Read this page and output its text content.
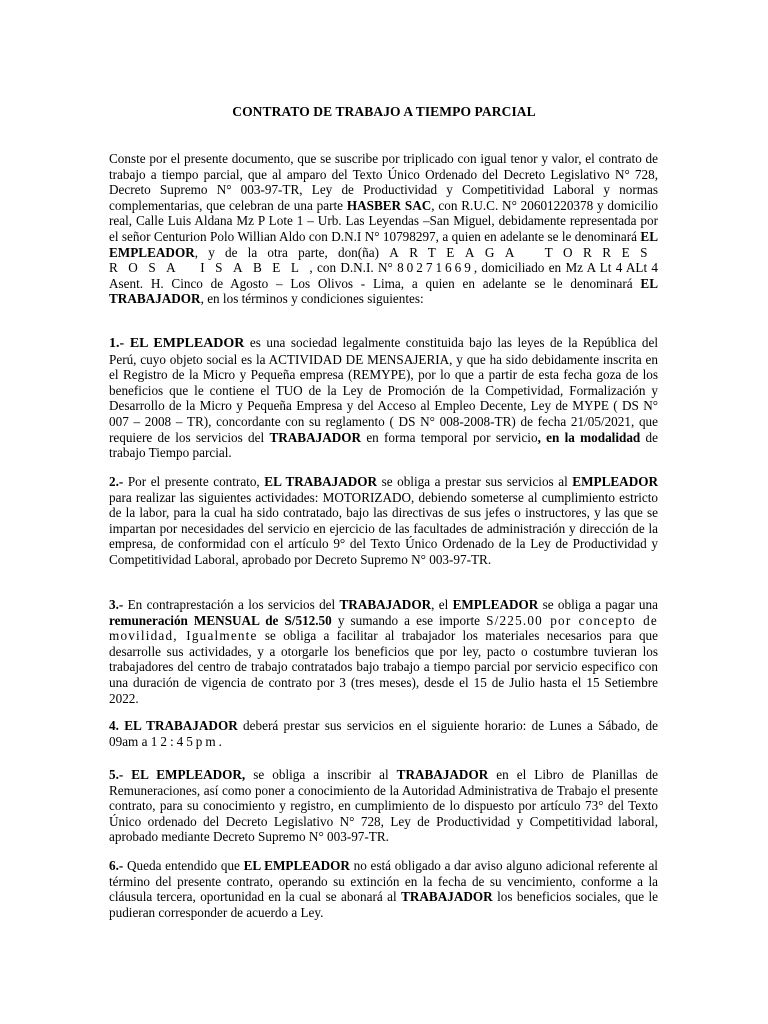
CONTRATO DE TRABAJO A TIEMPO PARCIAL

Conste por el presente documento, que se suscribe por triplicado con igual tenor y valor, el contrato de trabajo a tiempo parcial, que al amparo del Texto Único Ordenado del Decreto Legislativo N° 728, Decreto Supremo N° 003-97-TR, Ley de Productividad y Competitividad Laboral y normas complementarias, que celebran de una parte HASBER SAC, con R.U.C. N° 20601220378 y domicilio real, Calle Luis Aldana Mz P Lote 1 – Urb. Las Leyendas –San Miguel, debidamente representada por el señor Centurion Polo Willian Aldo con D.N.I N° 10798297, a quien en adelante se le denominará EL EMPLEADOR, y de la otra parte, don(ña) ARTEAGA TORRES ROSA ISABEL, con D.N.I. N° 80271669, domiciliado en Mz A Lt 4 ALt 4 Asent. H. Cinco de Agosto – Los Olivos - Lima, a quien en adelante se le denominará EL TRABAJADOR, en los términos y condiciones siguientes:

1.- EL EMPLEADOR es una sociedad legalmente constituida bajo las leyes de la República del Perú, cuyo objeto social es la ACTIVIDAD DE MENSAJERIA, y que ha sido debidamente inscrita en el Registro de la Micro y Pequeña empresa (REMYPE), por lo que a partir de esta fecha goza de los beneficios que le contiene el TUO de la Ley de Promoción de la Competividad, Formalización y Desarrollo de la Micro y Pequeña Empresa y del Acceso al Empleo Decente, Ley de MYPE ( DS N° 007 – 2008 – TR), concordante con su reglamento ( DS N° 008-2008-TR) de fecha 21/05/2021, que requiere de los servicios del TRABAJADOR en forma temporal por servicio, en la modalidad de trabajo Tiempo parcial.

2.- Por el presente contrato, EL TRABAJADOR se obliga a prestar sus servicios al EMPLEADOR para realizar las siguientes actividades: MOTORIZADO, debiendo someterse al cumplimiento estricto de la labor, para la cual ha sido contratado, bajo las directivas de sus jefes o instructores, y las que se impartan por necesidades del servicio en ejercicio de las facultades de administración y dirección de la empresa, de conformidad con el artículo 9° del Texto Único Ordenado de la Ley de Productividad y Competitividad Laboral, aprobado por Decreto Supremo N° 003-97-TR.

3.- En contraprestación a los servicios del TRABAJADOR, el EMPLEADOR se obliga a pagar una remuneración MENSUAL de S/512.50 y sumando a ese importe S/225.00 por concepto de movilidad, Igualmente se obliga a facilitar al trabajador los materiales necesarios para que desarrolle sus actividades, y a otorgarle los beneficios que por ley, pacto o costumbre tuvieran los trabajadores del centro de trabajo contratados bajo trabajo a tiempo parcial por servicio especifico con una duración de vigencia de contrato por 3 (tres meses), desde el 15 de Julio hasta el 15 Setiembre 2022.

4. EL TRABAJADOR deberá prestar sus servicios en el siguiente horario: de Lunes a Sábado, de 09am a 12:45pm.

5.- EL EMPLEADOR, se obliga a inscribir al TRABAJADOR en el Libro de Planillas de Remuneraciones, así como poner a conocimiento de la Autoridad Administrativa de Trabajo el presente contrato, para su conocimiento y registro, en cumplimiento de lo dispuesto por artículo 73° del Texto Único ordenado del Decreto Legislativo N° 728, Ley de Productividad y Competitividad laboral, aprobado mediante Decreto Supremo N° 003-97-TR.

6.- Queda entendido que EL EMPLEADOR no está obligado a dar aviso alguno adicional referente al término del presente contrato, operando su extinción en la fecha de su vencimiento, conforme a la cláusula tercera, oportunidad en la cual se abonará al TRABAJADOR los beneficios sociales, que le pudieran corresponder de acuerdo a Ley.
